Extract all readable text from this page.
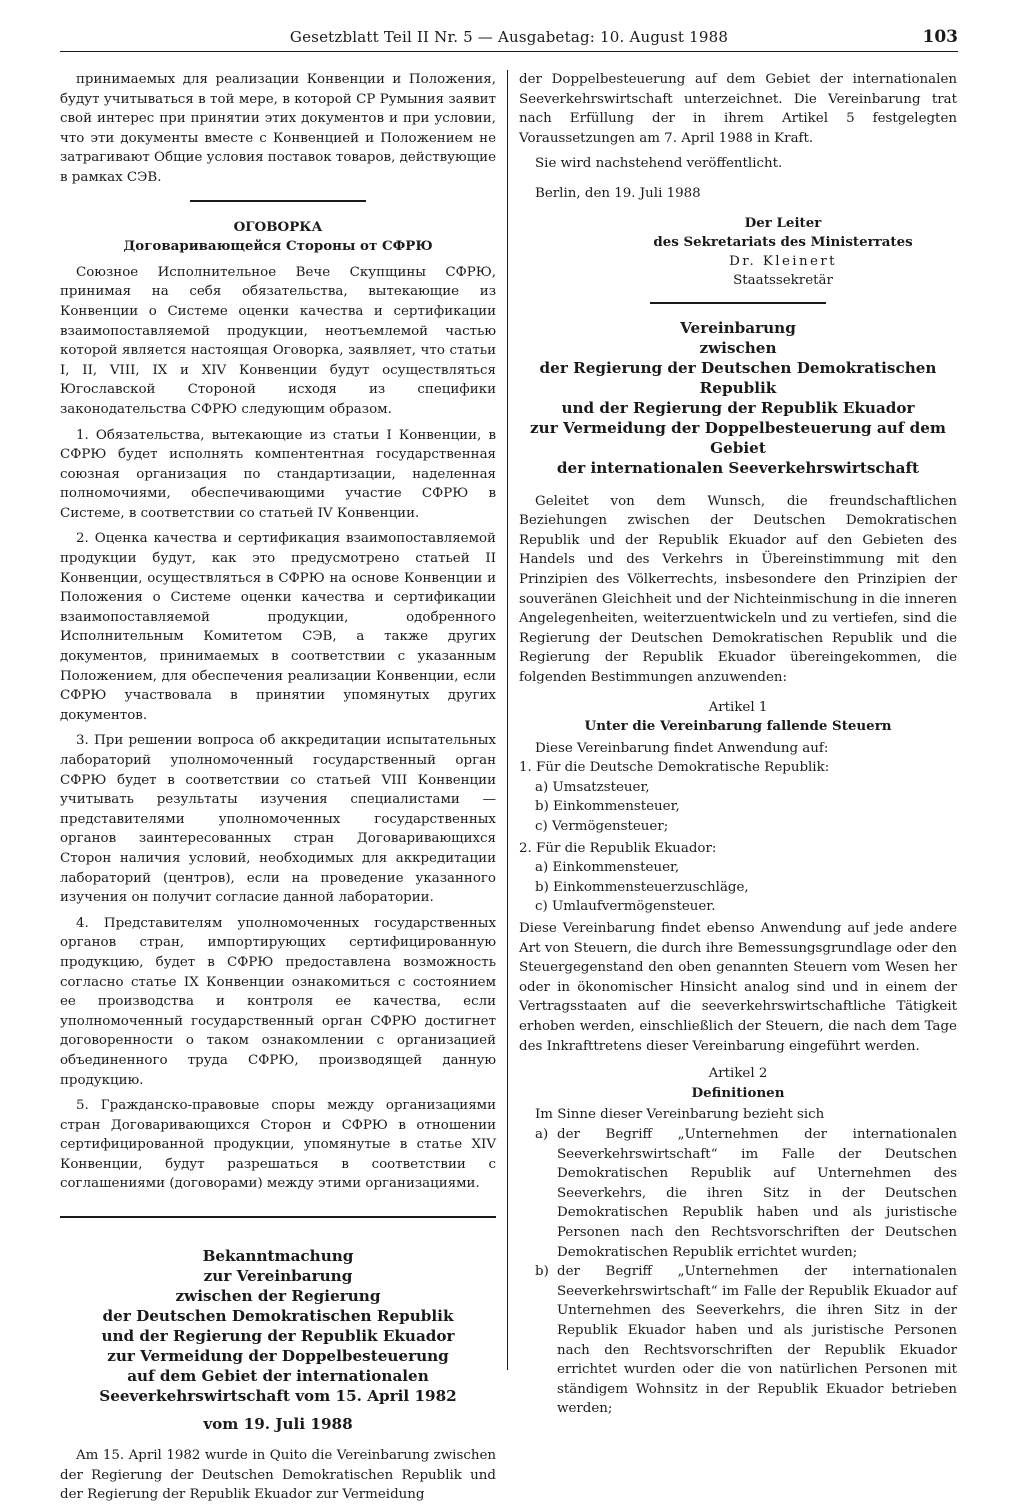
Gesetzblatt Teil II Nr. 5 — Ausgabetag: 10. August 1988	103

принимаемых для реализации Конвенции и Положения, будут учитываться в той мере, в которой СР Румыния заявит свой интерес при принятии этих документов и при условии, что эти документы вместе с Конвенцией и Положением не затрагивают Общие условия поставок товаров, действующие в рамках СЭВ.

ОГОВОРКА
Договаривающейся Стороны от СФРЮ

Союзное Исполнительное Вече Скупщины СФРЮ, принимая на себя обязательства, вытекающие из Конвенции о Системе оценки качества и сертификации взаимопоставляемой продукции, неотъемлемой частью которой является настоящая Оговорка, заявляет, что статьи I, II, VIII, IX и XIV Конвенции будут осуществляться Югославской Стороной исходя из специфики законодательства СФРЮ следующим образом.

1. Обязательства, вытекающие из статьи I Конвенции, в СФРЮ будет исполнять компентентная государственная союзная организация по стандартизации, наделенная полномочиями, обеспечивающими участие СФРЮ в Системе, в соответствии со статьей IV Конвенции.

2. Оценка качества и сертификация взаимопоставляемой продукции будут, как это предусмотрено статьей II Конвенции, осуществляться в СФРЮ на основе Конвенции и Положения о Системе оценки качества и сертификации взаимопоставляемой продукции, одобренного Исполнительным Комитетом СЭВ, а также других документов, принимаемых в соответствии с указанным Положением, для обеспечения реализации Конвенции, если СФРЮ участвовала в принятии упомянутых других документов.

3. При решении вопроса об аккредитации испытательных лабораторий уполномоченный государственный орган СФРЮ будет в соответствии со статьей VIII Конвенции учитывать результаты изучения специалистами — представителями уполномоченных государственных органов заинтересованных стран Договаривающихся Сторон наличия условий, необходимых для аккредитации лабораторий (центров), если на проведение указанного изучения он получит согласие данной лаборатории.

4. Представителям уполномоченных государственных органов стран, импортирующих сертифицированную продукцию, будет в СФРЮ предоставлена возможность согласно статье IX Конвенции ознакомиться с состоянием ее производства и контроля ее качества, если уполномоченный государственный орган СФРЮ достигнет договоренности о таком ознакомлении с организацией объединенного труда СФРЮ, производящей данную продукцию.

5. Гражданско-правовые споры между организациями стран Договаривающихся Сторон и СФРЮ в отношении сертифицированной продукции, упомянутые в статье XIV Конвенции, будут разрешаться в соответствии с соглашениями (договорами) между этими организациями.

Bekanntmachung
zur Vereinbarung
zwischen der Regierung
der Deutschen Demokratischen Republik
und der Regierung der Republik Ekuador
zur Vermeidung der Doppelbesteuerung
auf dem Gebiet der internationalen
Seeverkehrswirtschaft vom 15. April 1982
vom 19. Juli 1988

Am 15. April 1982 wurde in Quito die Vereinbarung zwischen der Regierung der Deutschen Demokratischen Republik und der Regierung der Republik Ekuador zur Vermeidung

der Doppelbesteuerung auf dem Gebiet der internationalen Seeverkehrswirtschaft unterzeichnet. Die Vereinbarung trat nach Erfüllung der in ihrem Artikel 5 festgelegten Voraussetzungen am 7. April 1988 in Kraft.

Sie wird nachstehend veröffentlicht.

Berlin, den 19. Juli 1988

Der Leiter
des Sekretariats des Ministerrates
Dr. Kleinert
Staatssekretär
Vereinbarung
zwischen
der Regierung der Deutschen Demokratischen Republik
und der Regierung der Republik Ekuador
zur Vermeidung der Doppelbesteuerung auf dem Gebiet
der internationalen Seeverkehrswirtschaft

Geleitet von dem Wunsch, die freundschaftlichen Beziehungen zwischen der Deutschen Demokratischen Republik und der Republik Ekuador auf den Gebieten des Handels und des Verkehrs in Übereinstimmung mit den Prinzipien des Völkerrechts, insbesondere den Prinzipien der souveränen Gleichheit und der Nichteinmischung in die inneren Angelegenheiten, weiterzuentwickeln und zu vertiefen, sind die Regierung der Deutschen Demokratischen Republik und die Regierung der Republik Ekuador übereingekommen, die folgenden Bestimmungen anzuwenden:

Artikel 1
Unter die Vereinbarung fallende Steuern

Diese Vereinbarung findet Anwendung auf:

1. Für die Deutsche Demokratische Republik:
a) Umsatzsteuer,
b) Einkommensteuer,
c) Vermögensteuer;
2. Für die Republik Ekuador:
a) Einkommensteuer,
b) Einkommensteuerzuschläge,
c) Umlaufvermögensteuer.

Diese Vereinbarung findet ebenso Anwendung auf jede andere Art von Steuern, die durch ihre Bemessungsgrundlage oder den Steuergegenstand den oben genannten Steuern vom Wesen her oder in ökonomischer Hinsicht analog sind und in einem der Vertragsstaaten auf die seeverkehrswirtschaftliche Tätigkeit erhoben werden, einschließlich der Steuern, die nach dem Tage des Inkrafttretens dieser Vereinbarung eingeführt werden.

Artikel 2
Definitionen

Im Sinne dieser Vereinbarung bezieht sich

a) der Begriff „Unternehmen der internationalen Seeverkehrswirtschaft“ im Falle der Deutschen Demokratischen Republik auf Unternehmen des Seeverkehrs, die ihren Sitz in der Deutschen Demokratischen Republik haben und als juristische Personen nach den Rechtsvorschriften der Deutschen Demokratischen Republik errichtet wurden;
b) der Begriff „Unternehmen der internationalen Seeverkehrswirtschaft“ im Falle der Republik Ekuador auf Unternehmen des Seeverkehrs, die ihren Sitz in der Republik Ekuador haben und als juristische Personen nach den Rechtsvorschriften der Republik Ekuador errichtet wurden oder die von natürlichen Personen mit ständigem Wohnsitz in der Republik Ekuador betrieben werden;
